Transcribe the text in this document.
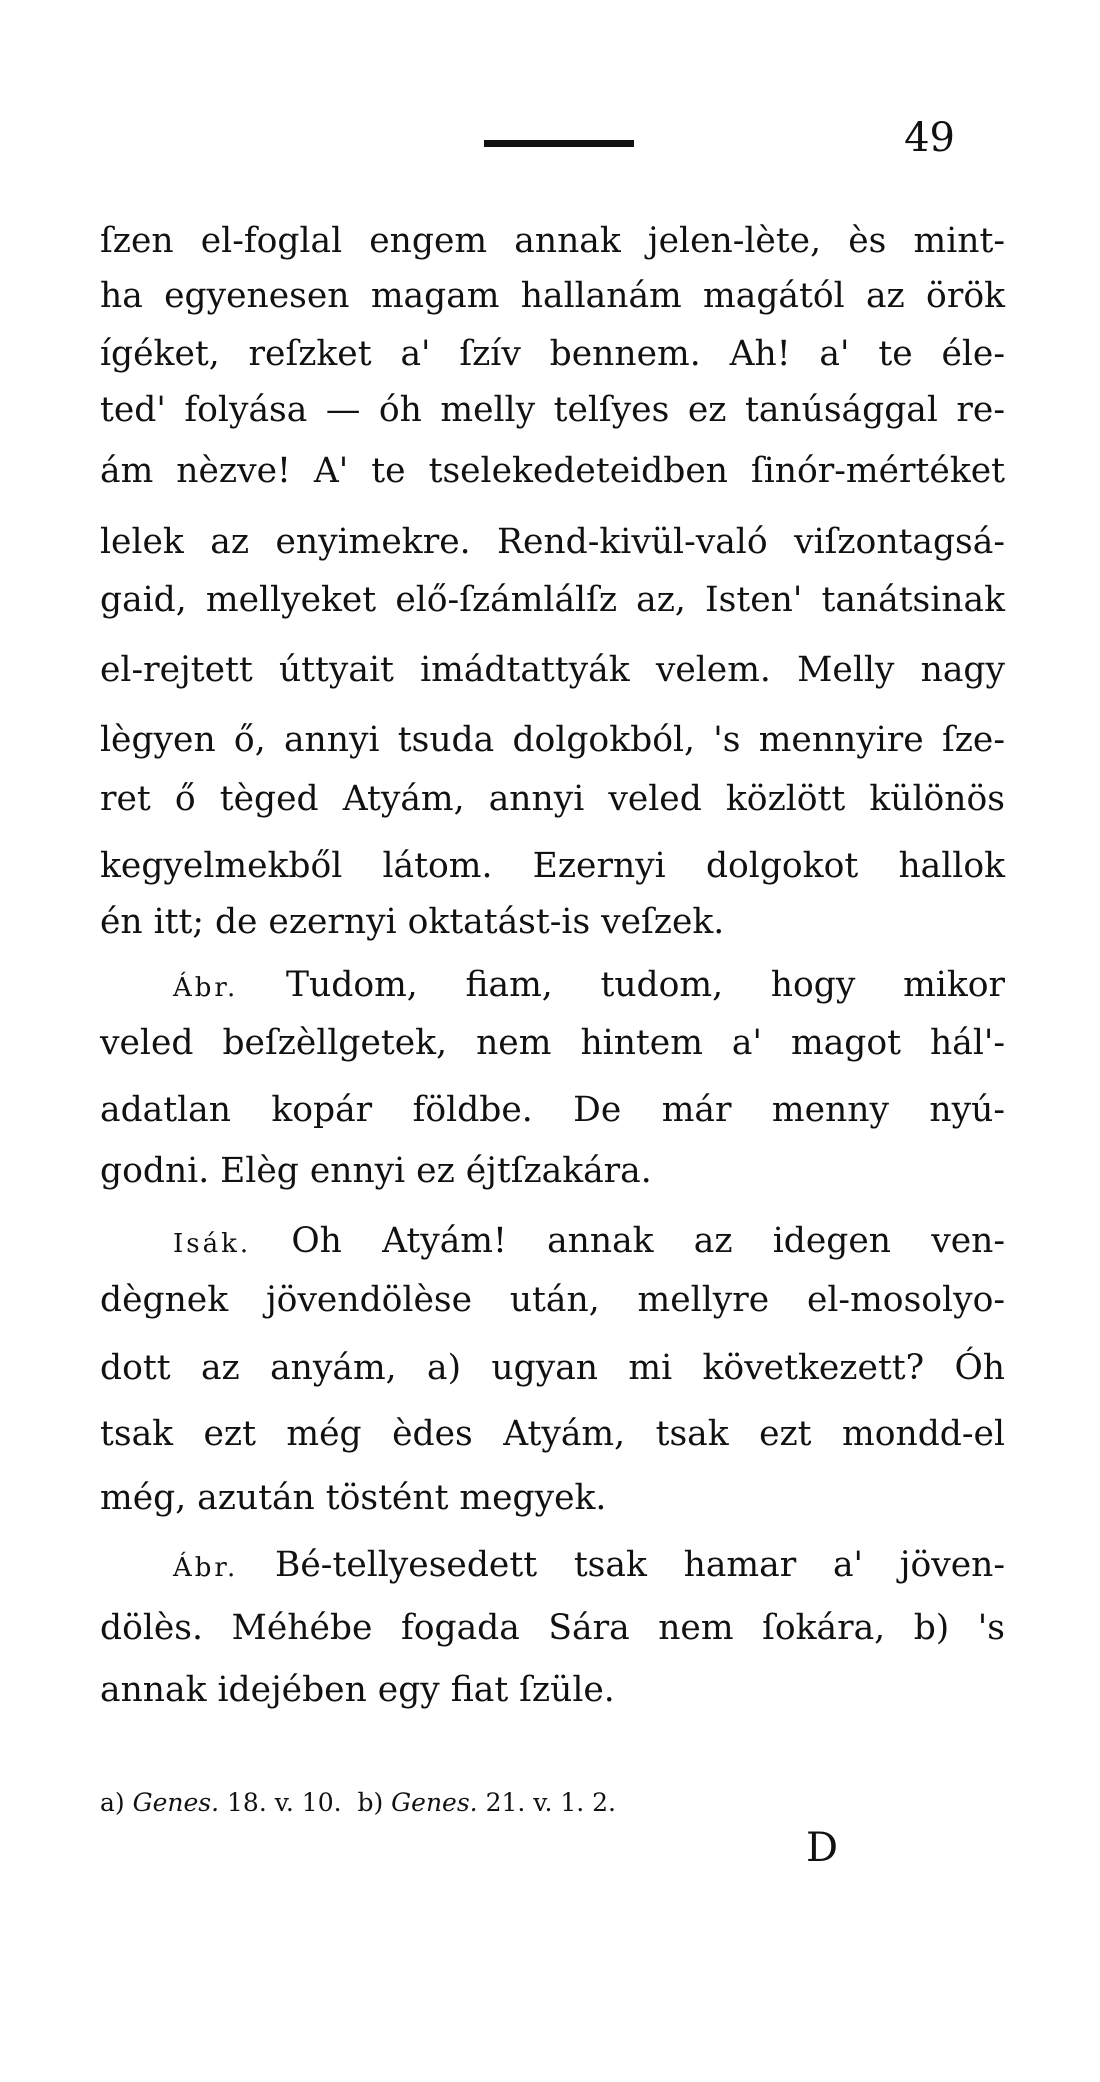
49
ſzen el-foglal engem annak jelen-lète, ès mint-
ha egyenesen magam hallanám magától az örök
ígéket, reſzket a' ſzív bennem. Ah! a' te éle-
ted' folyása — óh melly telſyes ez tanúsággal re-
ám nèzve! A' te tselekedeteidben ſinór-mértéket
lelek az enyimekre. Rend-kivül-való viſzontagsá-
gaid, mellyeket elő-ſzámlálſz az, Isten' tanátsinak
el-rejtett úttyait imádtattyák velem. Melly nagy
lègyen ő, annyi tsuda dolgokból, 's mennyire ſze-
ret ő tèged Atyám, annyi veled közlött különös
kegyelmekből látom. Ezernyi dolgokot hallok
én itt; de ezernyi oktatást-is veſzek.
Ábr. Tudom, fiam, tudom, hogy mikor
veled beſzèllgetek, nem hintem a' magot hál'-
adatlan kopár földbe. De már menny nyú-
godni. Elèg ennyi ez éjtſzakára.
Isák. Oh Atyám! annak az idegen ven-
dègnek jövendölèse után, mellyre el-mosolyo-
dott az anyám, a) ugyan mi következett? Óh
tsak ezt még èdes Atyám, tsak ezt mondd-el
még, azután töstént megyek.
Ábr. Bé-tellyesedett tsak hamar a' jöven-
dölès. Méhébe fogada Sára nem ſokára, b) 's
annak idejében egy fiat ſzüle.
a) Genes. 18. v. 10. b) Genes. 21. v. 1. 2.
D
